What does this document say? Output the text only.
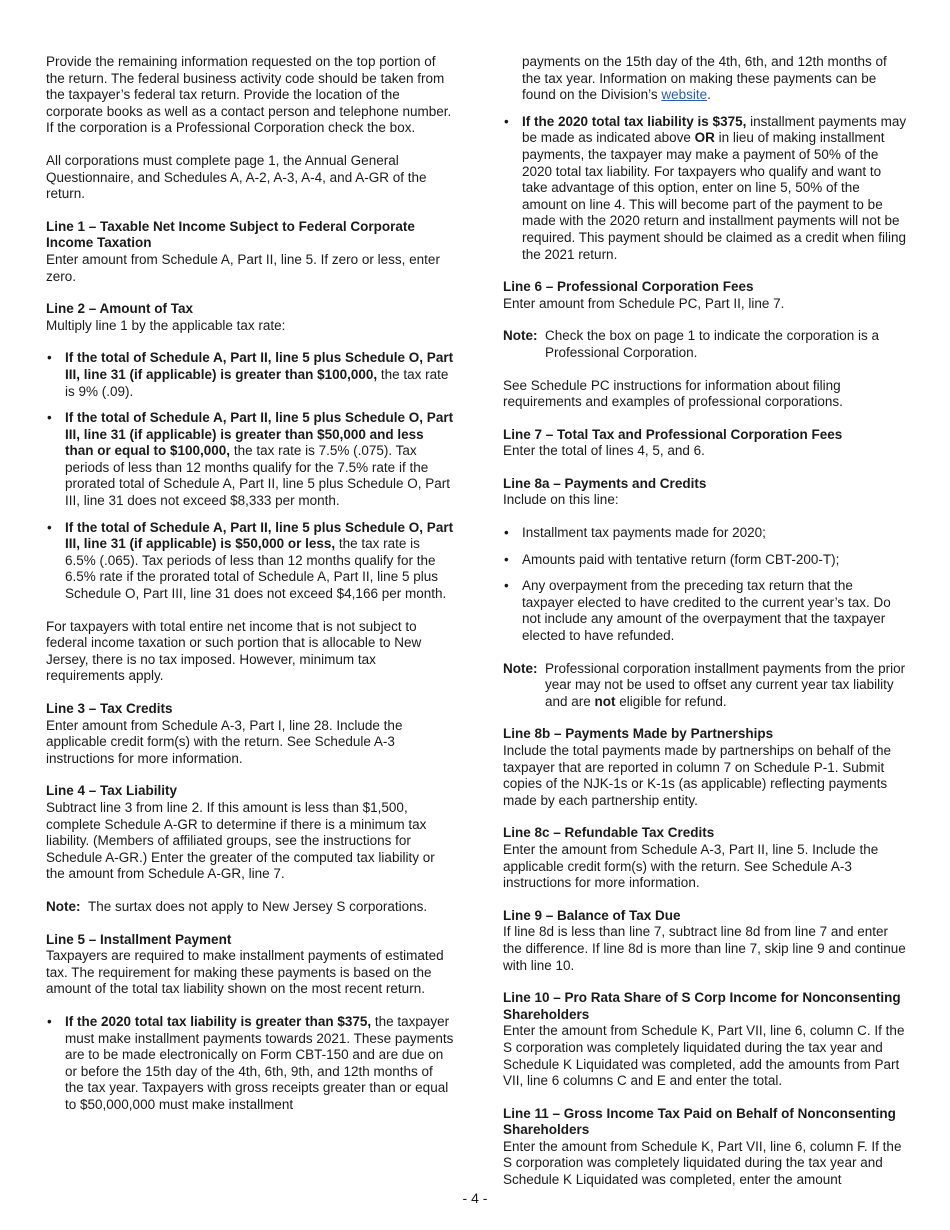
Provide the remaining information requested on the top portion of the return. The federal business activity code should be taken from the taxpayer’s federal tax return. Provide the location of the corporate books as well as a contact person and telephone number. If the corporation is a Professional Corporation check the box.

All corporations must complete page 1, the Annual General Questionnaire, and Schedules A, A-2, A-3, A-4, and A-GR of the return.

Line 1 – Taxable Net Income Subject to Federal Corporate Income Taxation
Enter amount from Schedule A, Part II, line 5. If zero or less, enter zero.
Line 2 – Amount of Tax
Multiply line 1 by the applicable tax rate:
• If the total of Schedule A, Part II, line 5 plus Schedule O, Part III, line 31 (if applicable) is greater than $100,000, the tax rate is 9% (.09).
• If the total of Schedule A, Part II, line 5 plus Schedule O, Part III, line 31 (if applicable) is greater than $50,000 and less than or equal to $100,000, the tax rate is 7.5% (.075). Tax periods of less than 12 months qualify for the 7.5% rate if the prorated total of Schedule A, Part II, line 5 plus Schedule O, Part III, line 31 does not exceed $8,333 per month.
• If the total of Schedule A, Part II, line 5 plus Schedule O, Part III, line 31 (if applicable) is $50,000 or less, the tax rate is 6.5% (.065). Tax periods of less than 12 months qualify for the 6.5% rate if the prorated total of Schedule A, Part II, line 5 plus Schedule O, Part III, line 31 does not exceed $4,166 per month.

For taxpayers with total entire net income that is not subject to federal income taxation or such portion that is allocable to New Jersey, there is no tax imposed. However, minimum tax requirements apply.

Line 3 – Tax Credits
Enter amount from Schedule A-3, Part I, line 28. Include the applicable credit form(s) with the return. See Schedule A-3 instructions for more information.
Line 4 – Tax Liability
Subtract line 3 from line 2. If this amount is less than $1,500, complete Schedule A-GR to determine if there is a minimum tax liability. (Members of affiliated groups, see the instructions for Schedule A-GR.) Enter the greater of the computed tax liability or the amount from Schedule A-GR, line 7.
Note: The surtax does not apply to New Jersey S corporations.
Line 5 – Installment Payment
Taxpayers are required to make installment payments of estimated tax. The requirement for making these payments is based on the amount of the total tax liability shown on the most recent return.
• If the 2020 total tax liability is greater than $375, the taxpayer must make installment payments towards 2021. These payments are to be made electronically on Form CBT-150 and are due on or before the 15th day of the 4th, 6th, 9th, and 12th months of the tax year. Taxpayers with gross receipts greater than or equal to $50,000,000 must make installment
payments on the 15th day of the 4th, 6th, and 12th months of the tax year. Information on making these payments can be found on the Division’s website.
• If the 2020 total tax liability is $375, installment payments may be made as indicated above OR in lieu of making installment payments, the taxpayer may make a payment of 50% of the 2020 total tax liability. For taxpayers who qualify and want to take advantage of this option, enter on line 5, 50% of the amount on line 4. This will become part of the payment to be made with the 2020 return and installment payments will not be required. This payment should be claimed as a credit when filing the 2021 return.
Line 6 – Professional Corporation Fees
Enter amount from Schedule PC, Part II, line 7.
Note: Check the box on page 1 to indicate the corporation is a Professional Corporation.

See Schedule PC instructions for information about filing requirements and examples of professional corporations.

Line 7 – Total Tax and Professional Corporation Fees
Enter the total of lines 4, 5, and 6.
Line 8a – Payments and Credits
Include on this line:
• Installment tax payments made for 2020;
• Amounts paid with tentative return (form CBT-200-T);
• Any overpayment from the preceding tax return that the taxpayer elected to have credited to the current year’s tax. Do not include any amount of the overpayment that the taxpayer elected to have refunded.
Note: Professional corporation installment payments from the prior year may not be used to offset any current year tax liability and are not eligible for refund.
Line 8b – Payments Made by Partnerships
Include the total payments made by partnerships on behalf of the taxpayer that are reported in column 7 on Schedule P-1. Submit copies of the NJK-1s or K-1s (as applicable) reflecting payments made by each partnership entity.
Line 8c – Refundable Tax Credits
Enter the amount from Schedule A-3, Part II, line 5. Include the applicable credit form(s) with the return. See Schedule A-3 instructions for more information.
Line 9 – Balance of Tax Due
If line 8d is less than line 7, subtract line 8d from line 7 and enter the difference. If line 8d is more than line 7, skip line 9 and continue with line 10.
Line 10 – Pro Rata Share of S Corp Income for Nonconsenting Shareholders
Enter the amount from Schedule K, Part VII, line 6, column C. If the S corporation was completely liquidated during the tax year and Schedule K Liquidated was completed, add the amounts from Part VII, line 6 columns C and E and enter the total.
Line 11 – Gross Income Tax Paid on Behalf of Nonconsenting Shareholders
Enter the amount from Schedule K, Part VII, line 6, column F. If the S corporation was completely liquidated during the tax year and Schedule K Liquidated was completed, enter the amount
- 4 -
